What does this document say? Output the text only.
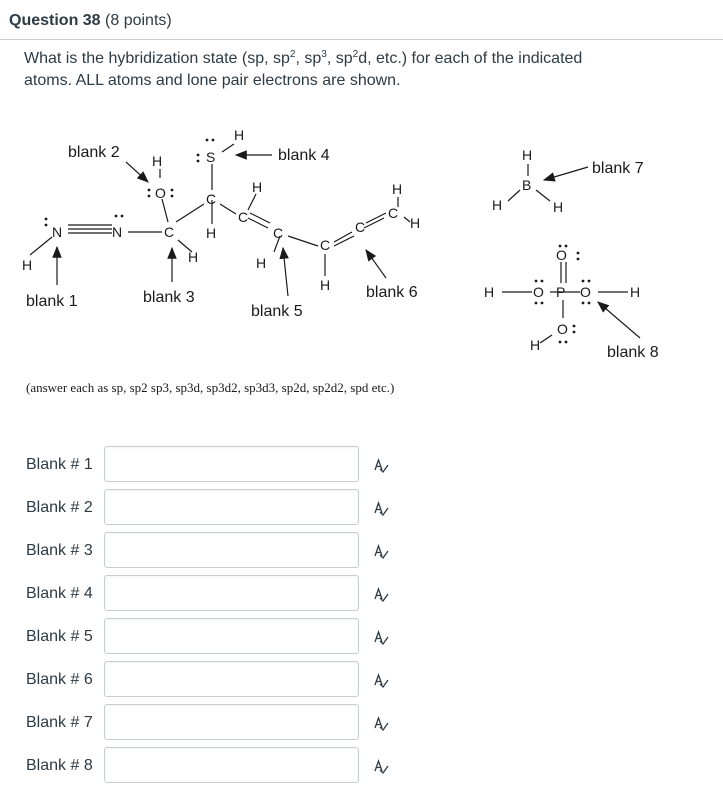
Question 38 (8 points)
What is the hybridization state (sp, $sp^2$, $sp^3$, $sp^2d$, etc.) for each of the indicated
atoms. ALL atoms and lone pair electrons are shown.
H
N	N	C
H
O
H
C
H
S
H
C
H
C
H
C
H
C
C
H
H
H
B
H	H
O
H	O P O	H
O
H
blank 1
blank 2
blank 3
blank 4
blank 5
blank 6
blank 7
blank 8
(answer each as sp, sp2 sp3, sp3d, sp3d2, sp3d3, sp2d, sp2d2, spd etc.)
Blank # 1
Blank # 2
Blank # 3
Blank # 4
Blank # 5
Blank # 6
Blank # 7
Blank # 8
